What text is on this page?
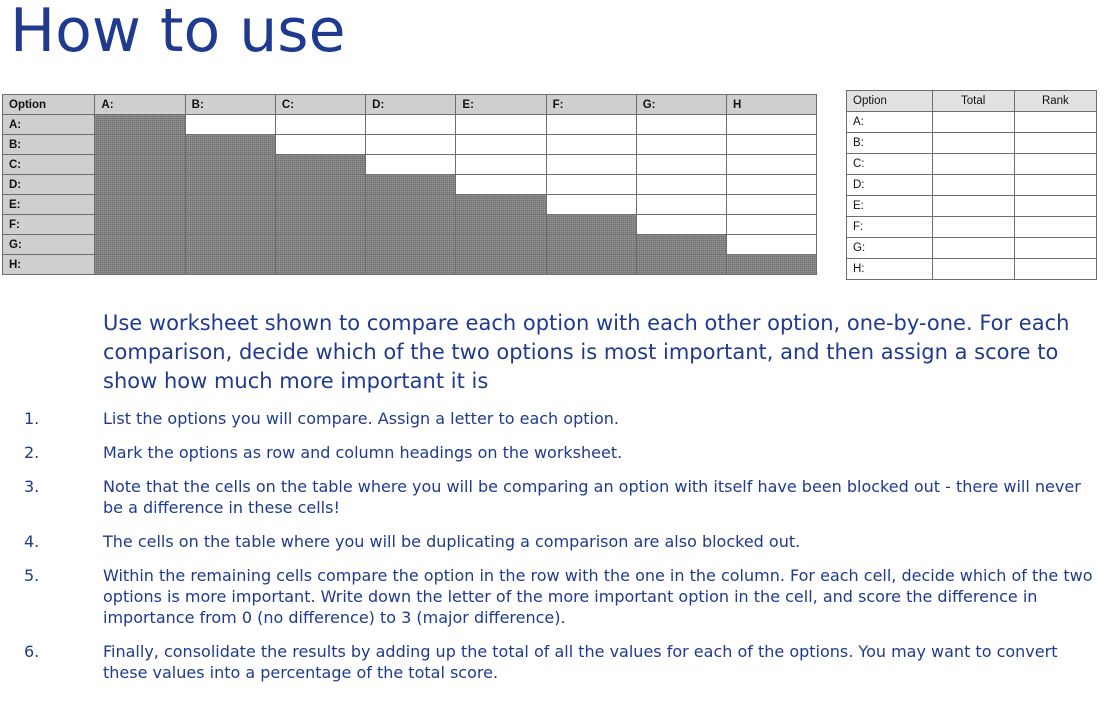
How to use
Option	A:	B:	C:	D:	E:	F:	G:	H
A:								
B:								
C:								
D:								
E:								
F:								
G:								
H:								
Option	Total	Rank
A:		
B:		
C:		
D:		
E:		
F:		
G:		
H:		
Use worksheet shown to compare each option with each other option, one-by-one. For each comparison, decide which of the two options is most important, and then assign a score to show how much more important it is
1.	List the options you will compare. Assign a letter to each option.
2.	Mark the options as row and column headings on the worksheet.
3.	Note that the cells on the table where you will be comparing an option with itself have been blocked out - there will never be a difference in these cells!
4.	The cells on the table where you will be duplicating a comparison are also blocked out.
5.	Within the remaining cells compare the option in the row with the one in the column. For each cell, decide which of the two options is more important. Write down the letter of the more important option in the cell, and score the difference in importance from 0 (no difference) to 3 (major difference).
6.	Finally, consolidate the results by adding up the total of all the values for each of the options. You may want to convert these values into a percentage of the total score.
